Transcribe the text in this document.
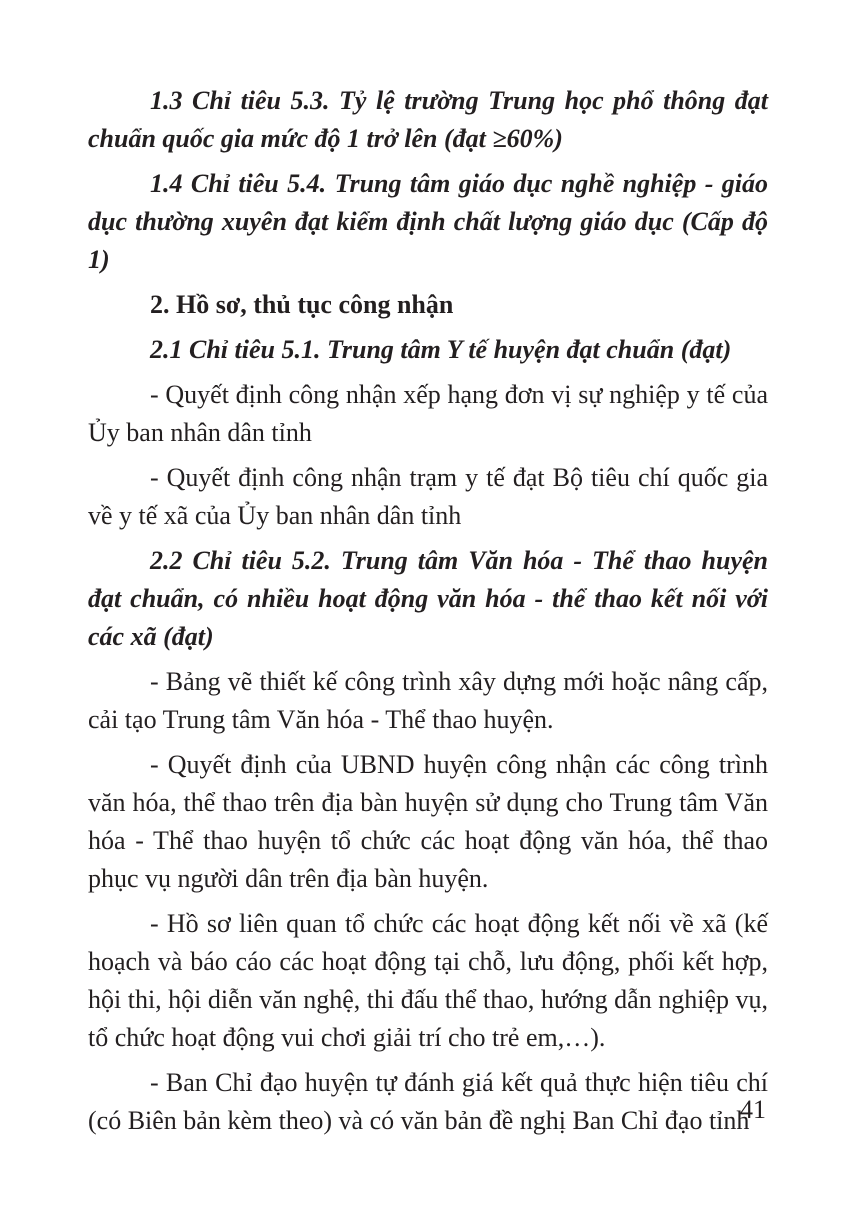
1.3 Chỉ tiêu 5.3. Tỷ lệ trường Trung học phổ thông đạt chuẩn quốc gia mức độ 1 trở lên (đạt ≥60%)

1.4 Chỉ tiêu 5.4. Trung tâm giáo dục nghề nghiệp - giáo dục thường xuyên đạt kiểm định chất lượng giáo dục (Cấp độ 1)

2. Hồ sơ, thủ tục công nhận

2.1 Chỉ tiêu 5.1. Trung tâm Y tế huyện đạt chuẩn (đạt)

- Quyết định công nhận xếp hạng đơn vị sự nghiệp y tế của Ủy ban nhân dân tỉnh

- Quyết định công nhận trạm y tế đạt Bộ tiêu chí quốc gia về y tế xã của Ủy ban nhân dân tỉnh

2.2 Chỉ tiêu 5.2. Trung tâm Văn hóa - Thể thao huyện đạt chuẩn, có nhiều hoạt động văn hóa - thể thao kết nối với các xã (đạt)

- Bảng vẽ thiết kế công trình xây dựng mới hoặc nâng cấp, cải tạo Trung tâm Văn hóa - Thể thao huyện.

- Quyết định của UBND huyện công nhận các công trình văn hóa, thể thao trên địa bàn huyện sử dụng cho Trung tâm Văn hóa - Thể thao huyện tổ chức các hoạt động văn hóa, thể thao phục vụ người dân trên địa bàn huyện.

- Hồ sơ liên quan tổ chức các hoạt động kết nối về xã (kế hoạch và báo cáo các hoạt động tại chỗ, lưu động, phối kết hợp, hội thi, hội diễn văn nghệ, thi đấu thể thao, hướng dẫn nghiệp vụ, tổ chức hoạt động vui chơi giải trí cho trẻ em,…).

- Ban Chỉ đạo huyện tự đánh giá kết quả thực hiện tiêu chí (có Biên bản kèm theo) và có văn bản đề nghị Ban Chỉ đạo tỉnh

41
